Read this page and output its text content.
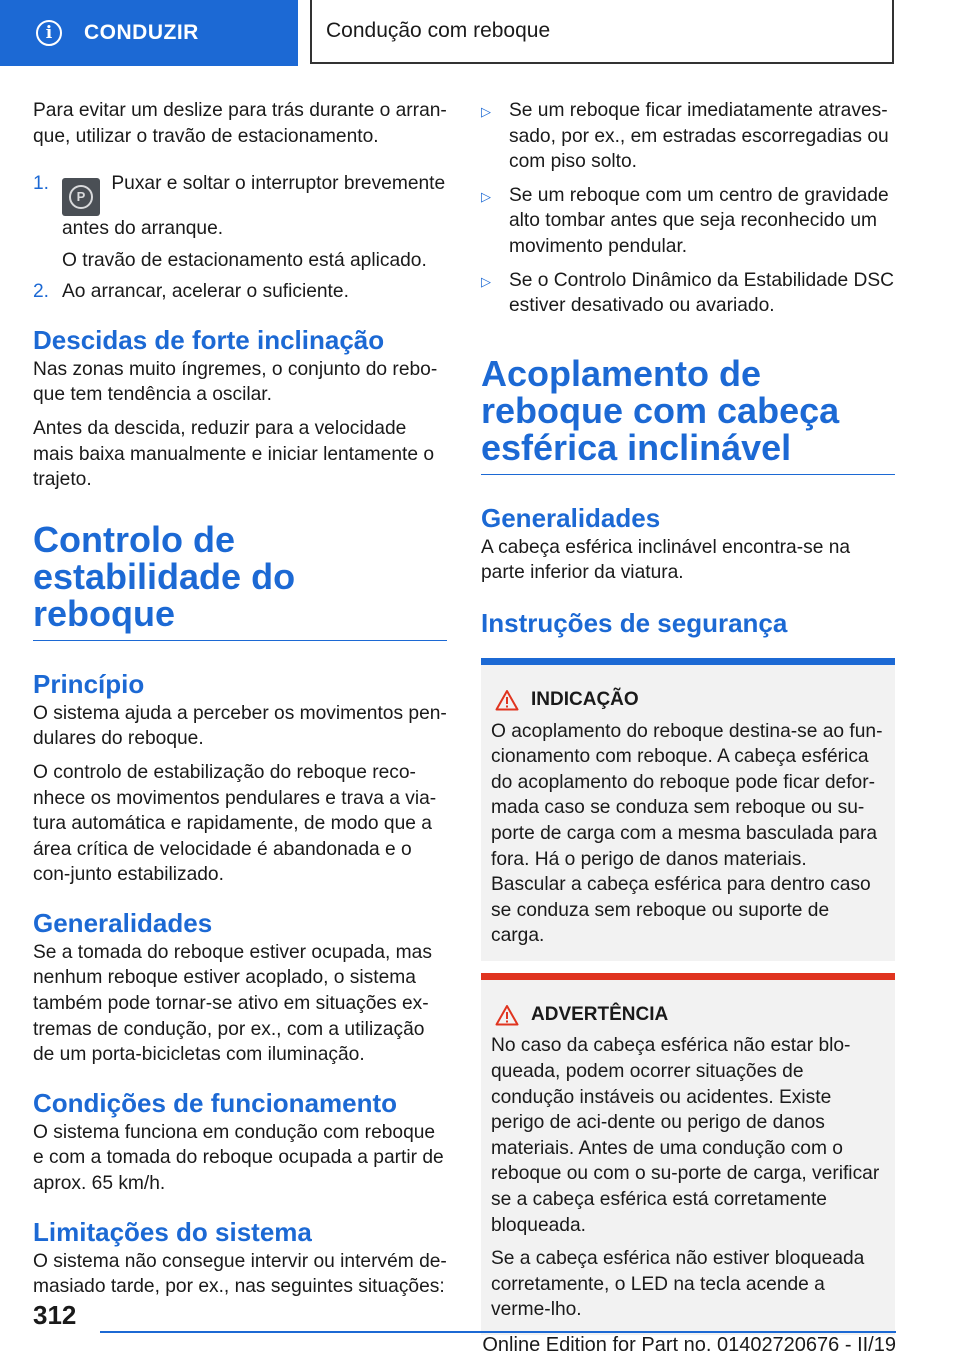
i	CONDUZIR	Condução com reboque

Para evitar um deslize para trás durante o arran-que, utilizar o travão de estacionamento.

1.
P
Puxar e soltar o interruptor brevemente antes do arranque.
O travão de estacionamento está aplicado.
2. Ao arrancar, acelerar o suficiente.
Descidas de forte inclinação

Nas zonas muito íngremes, o conjunto do rebo-que tem tendência a oscilar.

Antes da descida, reduzir para a velocidade mais baixa manualmente e iniciar lentamente o trajeto.

Controlo de estabilidade do reboque
Princípio

O sistema ajuda a perceber os movimentos pen-dulares do reboque.

O controlo de estabilização do reboque reco-nhece os movimentos pendulares e trava a via-tura automática e rapidamente, de modo que a área crítica de velocidade é abandonada e o con-junto estabilizado.

Generalidades

Se a tomada do reboque estiver ocupada, mas nenhum reboque estiver acoplado, o sistema também pode tornar-se ativo em situações ex-tremas de condução, por ex., com a utilização de um porta-bicicletas com iluminação.

Condições de funcionamento

O sistema funciona em condução com reboque e com a tomada do reboque ocupada a partir de aprox. 65 km/h.

Limitações do sistema

O sistema não consegue intervir ou intervém de-masiado tarde, por ex., nas seguintes situações:

▷ Se um reboque ficar imediatamente atraves-sado, por ex., em estradas escorregadias ou com piso solto.
▷ Se um reboque com um centro de gravidade alto tombar antes que seja reconhecido um movimento pendular.
▷ Se o Controlo Dinâmico da Estabilidade DSC estiver desativado ou avariado.
Acoplamento de reboque com cabeça esférica inclinável
Generalidades

A cabeça esférica inclinável encontra-se na parte inferior da viatura.

Instruções de segurança
INDICAÇÃO
O acoplamento do reboque destina-se ao fun-cionamento com reboque. A cabeça esférica do acoplamento do reboque pode ficar defor-mada caso se conduza sem reboque ou su-porte de carga com a mesma basculada para fora. Há o perigo de danos materiais. Bascular a cabeça esférica para dentro caso se conduza sem reboque ou suporte de carga.
ADVERTÊNCIA
No caso da cabeça esférica não estar blo-queada, podem ocorrer situações de condução instáveis ou acidentes. Existe perigo de aci-dente ou perigo de danos materiais. Antes de uma condução com o reboque ou com o su-porte de carga, verificar se a cabeça esférica está corretamente bloqueada.
Se a cabeça esférica não estiver bloqueada corretamente, o LED na tecla acende a verme-lho.
312
Online Edition for Part no. 01402720676 - II/19
